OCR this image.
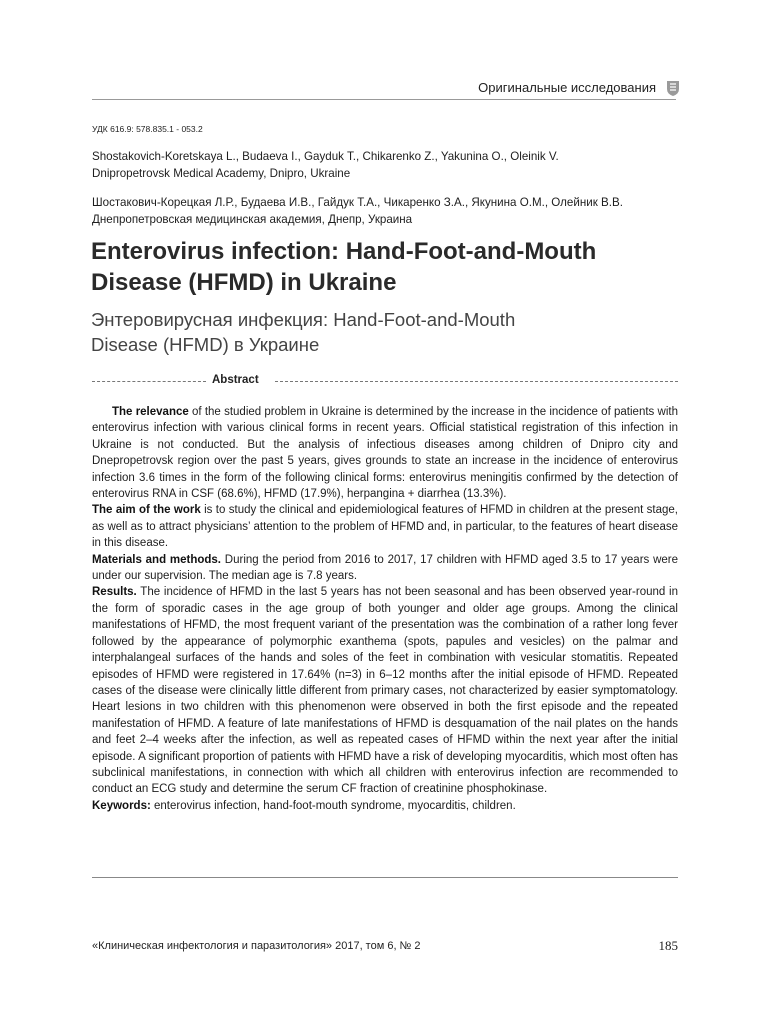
Оригинальные исследования
УДК 616.9: 578.835.1 - 053.2
Shostakovich-Koretskaya L., Budaeva I., Gayduk T., Chikarenko Z., Yakunina O., Oleinik V.
Dnipropetrovsk Medical Academy, Dnipro, Ukraine
Шостакович-Корецкая Л.Р., Будаева И.В., Гайдук Т.А., Чикаренко З.А., Якунина О.М., Олейник В.В.
Днепропетровская медицинская академия, Днепр, Украина
Enterovirus infection: Hand-Foot-and-Mouth
Disease (HFMD) in Ukraine
Энтеровирусная инфекция: Hand-Foot-and-Mouth
Disease (HFMD) в Украине
Abstract

The relevance of the studied problem in Ukraine is determined by the increase in the incidence of patients with enterovirus infection with various clinical forms in recent years. Official statistical registration of this infection in Ukraine is not conducted. But the analysis of infectious diseases among children of Dnipro city and Dnepropetrovsk region over the past 5 years, gives grounds to state an increase in the incidence of enterovirus infection 3.6 times in the form of the following clinical forms: enterovirus meningitis confirmed by the detection of enterovirus RNA in CSF (68.6%), HFMD (17.9%), herpangina + diarrhea (13.3%).

The aim of the work is to study the clinical and epidemiological features of HFMD in children at the present stage, as well as to attract physicians’ attention to the problem of HFMD and, in particular, to the features of heart disease in this disease.

Materials and methods. During the period from 2016 to 2017, 17 children with HFMD aged 3.5 to 17 years were under our supervision. The median age is 7.8 years.

Results. The incidence of HFMD in the last 5 years has not been seasonal and has been observed year-round in the form of sporadic cases in the age group of both younger and older age groups. Among the clinical manifestations of HFMD, the most frequent variant of the presentation was the combination of a rather long fever followed by the appearance of polymorphic exanthema (spots, papules and vesicles) on the palmar and interphalangeal surfaces of the hands and soles of the feet in combination with vesicular stomatitis. Repeated episodes of HFMD were registered in 17.64% (n=3) in 6–12 months after the initial episode of HFMD. Repeated cases of the disease were clinically little different from primary cases, not characterized by easier symptomatology. Heart lesions in two children with this phenomenon were observed in both the first episode and the repeated manifestation of HFMD. A feature of late manifestations of HFMD is desquamation of the nail plates on the hands and feet 2–4 weeks after the infection, as well as repeated cases of HFMD within the next year after the initial episode. A significant proportion of patients with HFMD have a risk of developing myocarditis, which most often has subclinical manifestations, in connection with which all children with enterovirus infection are recommended to conduct an ECG study and determine the serum CF fraction of creatinine phosphokinase.

Keywords: enterovirus infection, hand-foot-mouth syndrome, myocarditis, children.

«Клиническая инфектология и паразитология» 2017, том 6, № 2	185
